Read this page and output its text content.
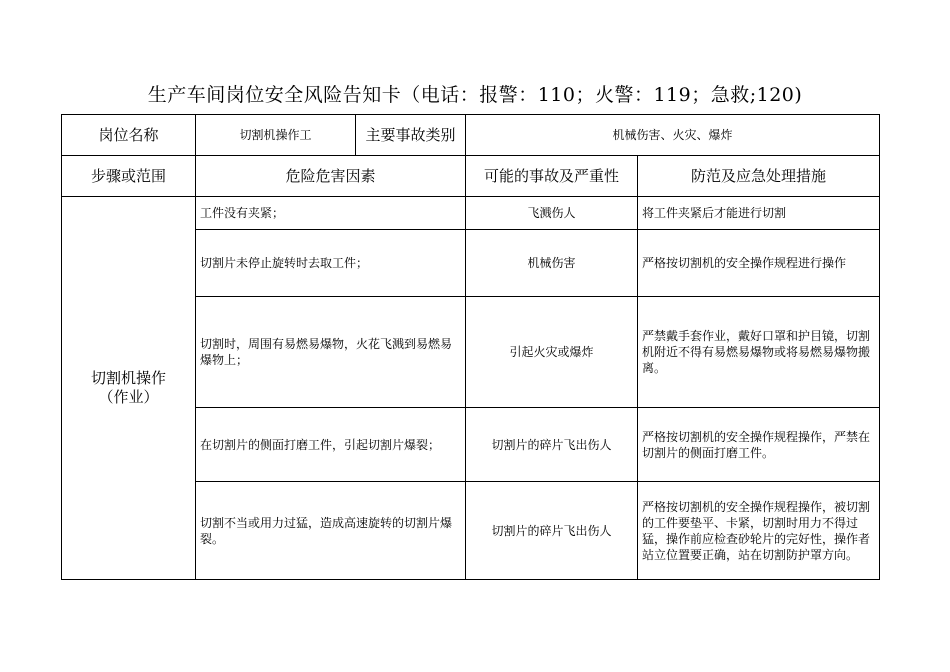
生产车间岗位安全风险告知卡（电话：报警：110；火警：119；急救;120)
岗位名称	切割机操作工	主要事故类别	机械伤害、火灾、爆炸	
步骤或范围	危险危害因素		可能的事故及严重性	防范及应急处理措施

切割机操作
（作业）	工件没有夹紧；		飞溅伤人	将工件夹紧后才能进行切割
	切割片未停止旋转时去取工件；		机械伤害	严格按切割机的安全操作规程进行操作
	切割时，周围有易燃易爆物，火花飞溅到易燃易爆物上；		引起火灾或爆炸	严禁戴手套作业，戴好口罩和护目镜，切割机附近不得有易燃易爆物或将易燃易爆物搬离。
	在切割片的侧面打磨工件，引起切割片爆裂；		切割片的碎片飞出伤人	严格按切割机的安全操作规程操作，严禁在切割片的侧面打磨工件。
	切割不当或用力过猛，造成高速旋转的切割片爆裂。		切割片的碎片飞出伤人	严格按切割机的安全操作规程操作，被切割的工件要垫平、卡紧，切割时用力不得过猛，操作前应检查砂轮片的完好性，操作者站立位置要正确，站在切割防护罩方向。
